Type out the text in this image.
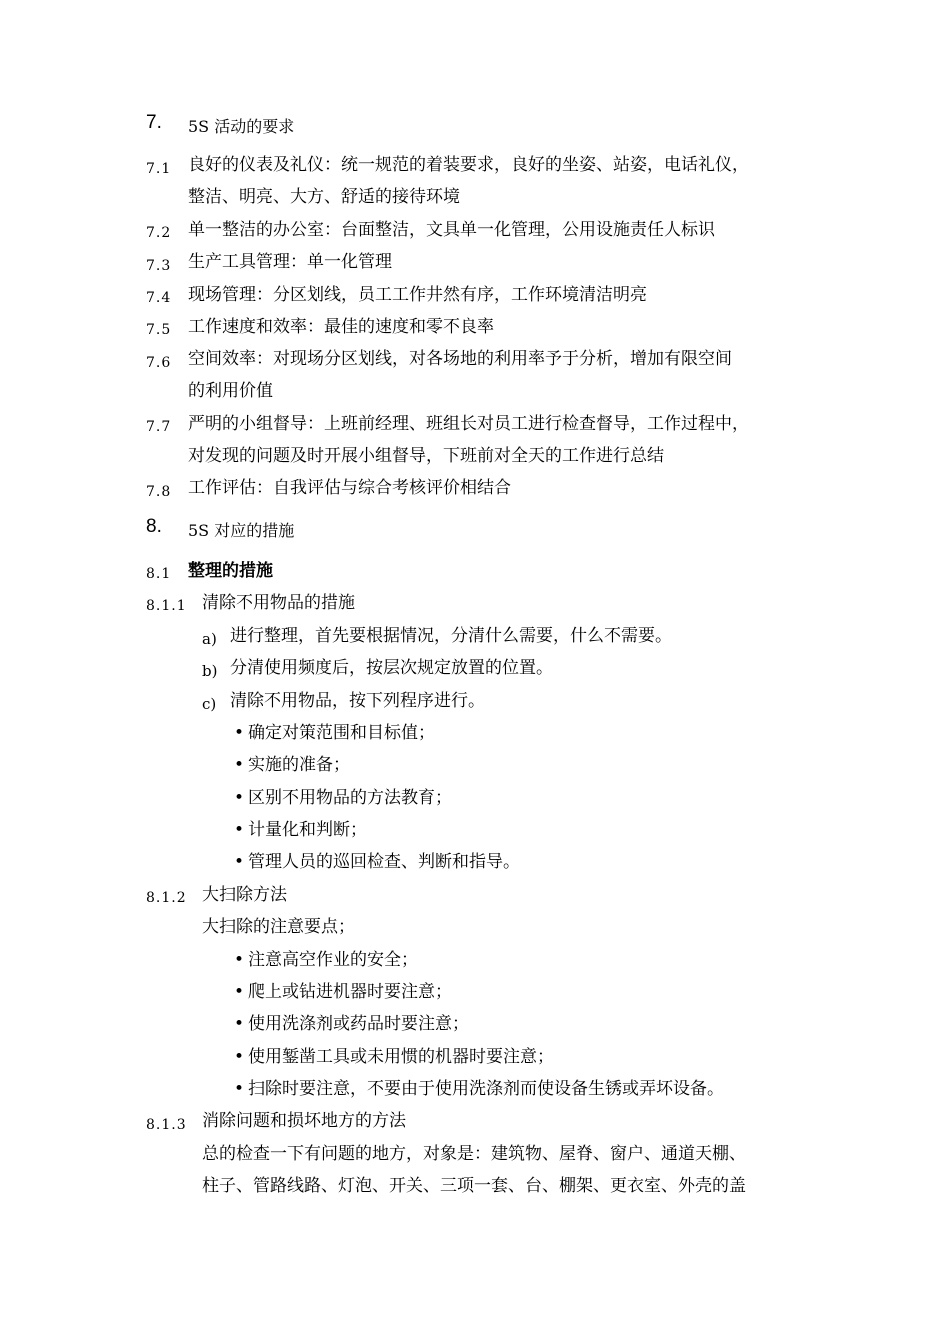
7. 5S 活动的要求
7.1 良好的仪表及礼仪：统一规范的着装要求，良好的坐姿、站姿，电话礼仪，
整洁、明亮、大方、舒适的接待环境
7.2 单一整洁的办公室：台面整洁，文具单一化管理，公用设施责任人标识
7.3 生产工具管理：单一化管理
7.4 现场管理：分区划线，员工工作井然有序，工作环境清洁明亮
7.5 工作速度和效率：最佳的速度和零不良率
7.6 空间效率：对现场分区划线，对各场地的利用率予于分析，增加有限空间
的利用价值
7.7 严明的小组督导：上班前经理、班组长对员工进行检查督导，工作过程中，
对发现的问题及时开展小组督导，下班前对全天的工作进行总结
7.8 工作评估：自我评估与综合考核评价相结合
8. 5S 对应的措施
8.1 整理的措施
8.1.1 清除不用物品的措施
a) 进行整理，首先要根据情况，分清什么需要，什么不需要。
b) 分清使用频度后，按层次规定放置的位置。
c) 清除不用物品，按下列程序进行。
• 确定对策范围和目标值；
• 实施的准备；
• 区别不用物品的方法教育；
• 计量化和判断；
• 管理人员的巡回检查、判断和指导。
8.1.2 大扫除方法
大扫除的注意要点；
• 注意高空作业的安全；
• 爬上或钻进机器时要注意；
• 使用洗涤剂或药品时要注意；
• 使用錾凿工具或未用惯的机器时要注意；
• 扫除时要注意，不要由于使用洗涤剂而使设备生锈或弄坏设备。
8.1.3 消除问题和损坏地方的方法
总的检查一下有问题的地方，对象是：建筑物、屋脊、窗户、通道天棚、
柱子、管路线路、灯泡、开关、三项一套、台、棚架、更衣室、外壳的盖
